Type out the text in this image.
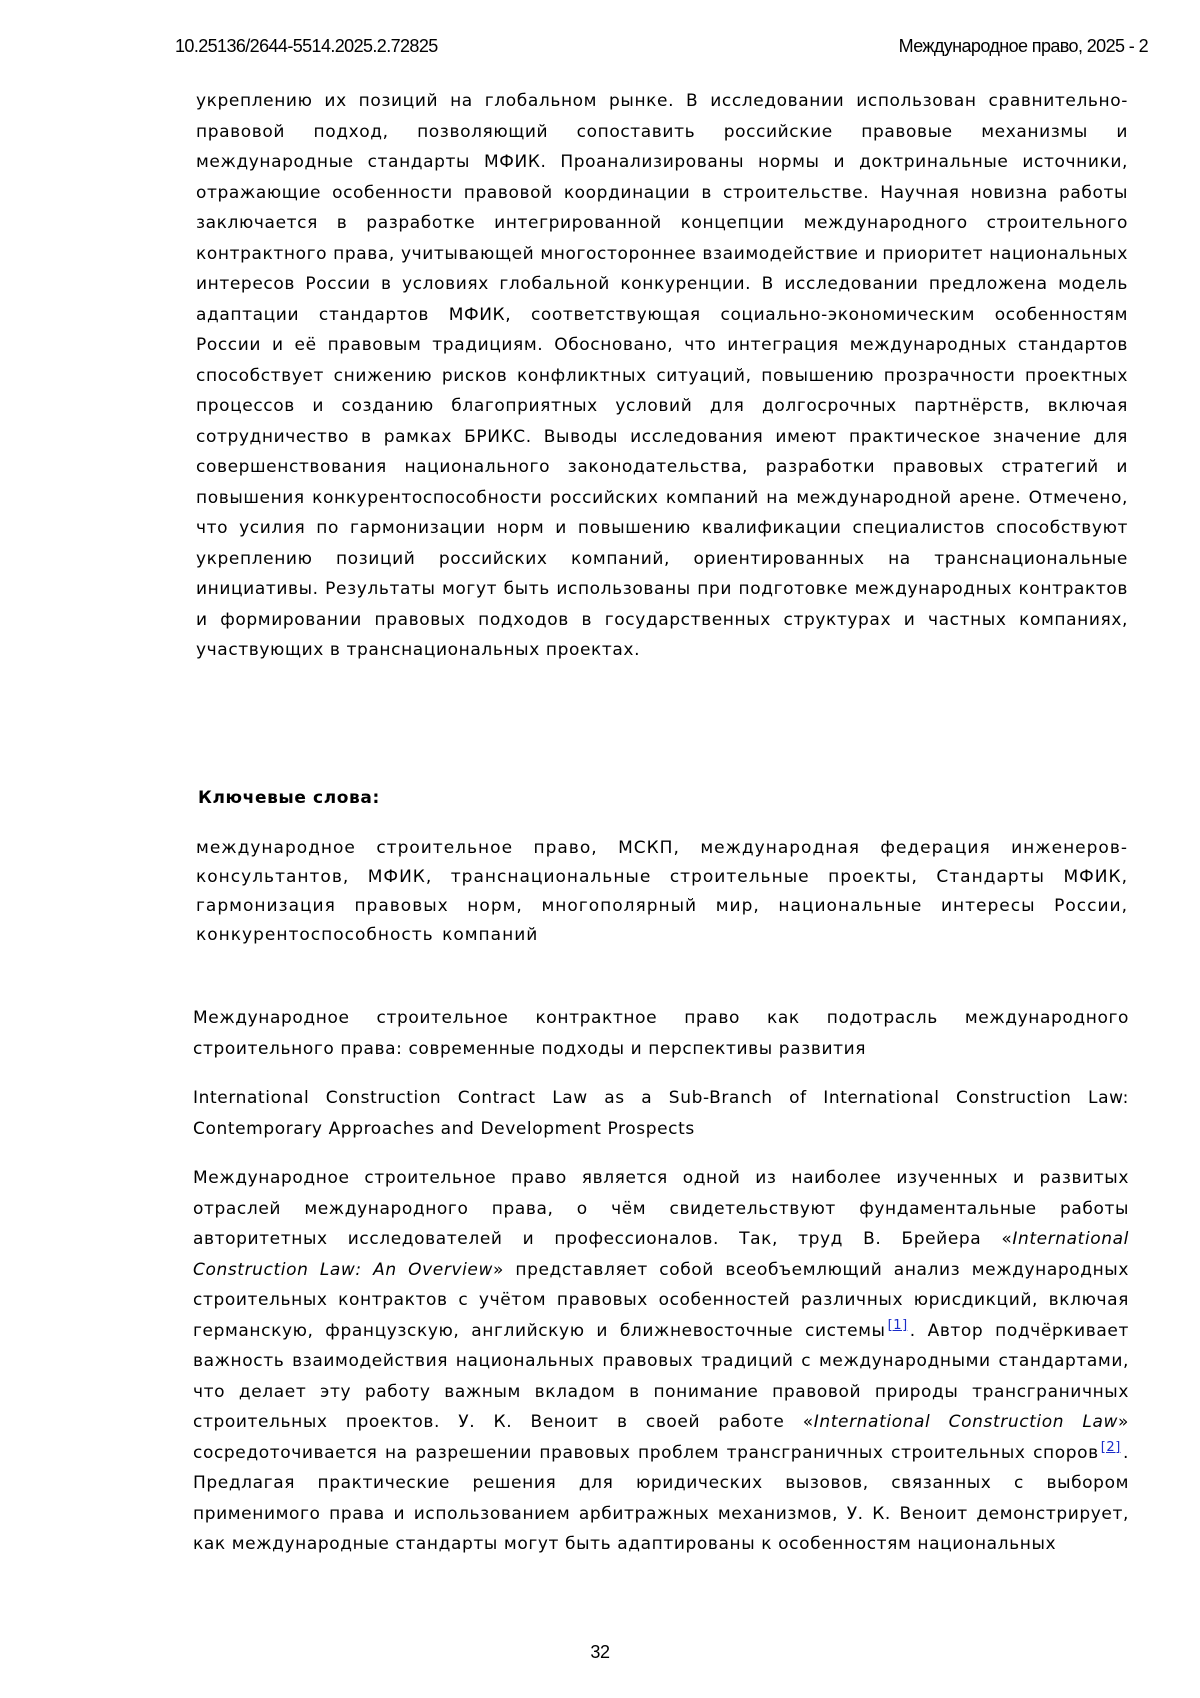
10.25136/2644-5514.2025.2.72825	Международное право, 2025 - 2

укреплению их позиций на глобальном рынке. В исследовании использован сравнительно-правовой подход, позволяющий сопоставить российские правовые механизмы и международные стандарты МФИК. Проанализированы нормы и доктринальные источники, отражающие особенности правовой координации в строительстве. Научная новизна работы заключается в разработке интегрированной концепции международного строительного контрактного права, учитывающей многостороннее взаимодействие и приоритет национальных интересов России в условиях глобальной конкуренции. В исследовании предложена модель адаптации стандартов МФИК, соответствующая социально-экономическим особенностям России и её правовым традициям. Обосновано, что интеграция международных стандартов способствует снижению рисков конфликтных ситуаций, повышению прозрачности проектных процессов и созданию благоприятных условий для долгосрочных партнёрств, включая сотрудничество в рамках БРИКС. Выводы исследования имеют практическое значение для совершенствования национального законодательства, разработки правовых стратегий и повышения конкурентоспособности российских компаний на международной арене. Отмечено, что усилия по гармонизации норм и повышению квалификации специалистов способствуют укреплению позиций российских компаний, ориентированных на транснациональные инициативы. Результаты могут быть использованы при подготовке международных контрактов и формировании правовых подходов в государственных структурах и частных компаниях, участвующих в транснациональных проектах.

Ключевые слова:

международное строительное право, МСКП, международная федерация инженеров-консультантов, МФИК, транснациональные строительные проекты, Стандарты МФИК, гармонизация правовых норм, многополярный мир, национальные интересы России, конкурентоспособность компаний

Международное строительное контрактное право как подотрасль международного строительного права: современные подходы и перспективы развития

International Construction Contract Law as a Sub-Branch of International Construction Law: Contemporary Approaches and Development Prospects

Международное строительное право является одной из наиболее изученных и развитых отраслей международного права, о чём свидетельствуют фундаментальные работы авторитетных исследователей и профессионалов. Так, труд В. Брейера «International Construction Law: An Overview» представляет собой всеобъемлющий анализ международных строительных контрактов с учётом правовых особенностей различных юрисдикций, включая германскую, французскую, английскую и ближневосточные системы [1] . Автор подчёркивает важность взаимодействия национальных правовых традиций с международными стандартами, что делает эту работу важным вкладом в понимание правовой природы трансграничных строительных проектов. У. К. Веноит в своей работе «International Construction Law» сосредоточивается на разрешении правовых проблем трансграничных строительных споров [2] . Предлагая практические решения для юридических вызовов, связанных с выбором применимого права и использованием арбитражных механизмов, У. К. Веноит демонстрирует, как международные стандарты могут быть адаптированы к особенностям национальных

32
